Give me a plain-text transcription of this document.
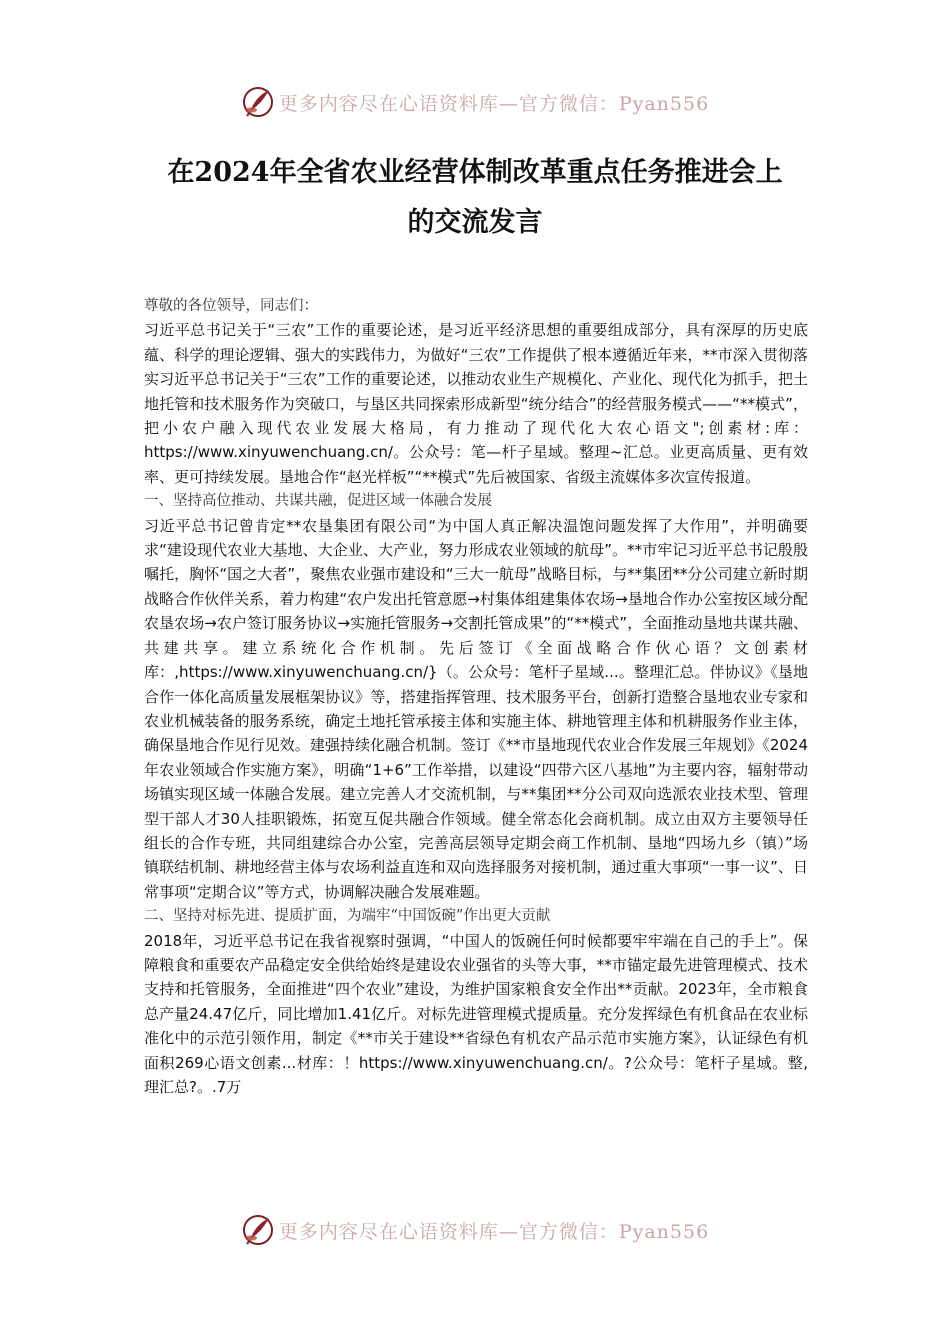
更多内容尽在心语资料库—官方微信：Pyan556
在2024年全省农业经营体制改革重点任务推进会上
的交流发言

尊敬的各位领导，同志们：

习近平总书记关于“三农”工作的重要论述，是习近平经济思想的重要组成部分，具有深厚的历史底蕴、科学的理论逻辑、强大的实践伟力，为做好“三农”工作提供了根本遵循近年来，**市深入贯彻落实习近平总书记关于“三农”工作的重要论述，以推动农业生产规模化、产业化、现代化为抓手，把土地托管和技术服务作为突破口，与垦区共同探索形成新型“统分结合”的经营服务模式——“**模式”，把小农户融入现代农业发展大格局，有力推动了现代化大农心语文";创素材:库：https://www.xinyuwenchuang.cn/。公众号：笔—杆子星域。整理~汇总。业更高质量、更有效率、更可持续发展。垦地合作“赵光样板”“**模式”先后被国家、省级主流媒体多次宣传报道。

一、坚持高位推动、共谋共融，促进区域一体融合发展

习近平总书记曾肯定**农垦集团有限公司“为中国人真正解决温饱问题发挥了大作用”，并明确要求“建设现代农业大基地、大企业、大产业，努力形成农业领域的航母”。**市牢记习近平总书记殷殷嘱托，胸怀“国之大者”，聚焦农业强市建设和“三大一航母”战略目标，与**集团**分公司建立新时期战略合作伙伴关系，着力构建“农户发出托管意愿→村集体组建集体农场→垦地合作办公室按区域分配农垦农场→农户签订服务协议→实施托管服务→交割托管成果”的“**模式”，全面推动垦地共谋共融、共建共享。建立系统化合作机制。先后签订《全面战略合作伙心语？文创素材库：,https://www.xinyuwenchuang.cn/}（。公众号：笔杆子星域...。整理汇总。伴协议》《垦地合作一体化高质量发展框架协议》等，搭建指挥管理、技术服务平台，创新打造整合垦地农业专家和农业机械装备的服务系统，确定土地托管承接主体和实施主体、耕地管理主体和机耕服务作业主体，确保垦地合作见行见效。建强持续化融合机制。签订《**市垦地现代农业合作发展三年规划》《2024年农业领域合作实施方案》，明确“1+6”工作举措，以建设“四带六区八基地”为主要内容，辐射带动场镇实现区域一体融合发展。建立完善人才交流机制，与**集团**分公司双向选派农业技术型、管理型干部人才30人挂职锻炼，拓宽互促共融合作领域。健全常态化会商机制。成立由双方主要领导任组长的合作专班，共同组建综合办公室，完善高层领导定期会商工作机制、垦地“四场九乡（镇）”场镇联结机制、耕地经营主体与农场利益直连和双向选择服务对接机制，通过重大事项“一事一议”、日常事项“定期合议”等方式，协调解决融合发展难题。

二、坚持对标先进、提质扩面，为端牢“中国饭碗”作出更大贡献

2018年，习近平总书记在我省视察时强调，“中国人的饭碗任何时候都要牢牢端在自己的手上”。保障粮食和重要农产品稳定安全供给始终是建设农业强省的头等大事，**市锚定最先进管理模式、技术支持和托管服务，全面推进“四个农业”建设，为维护国家粮食安全作出**贡献。2023年，全市粮食总产量24.47亿斤，同比增加1.41亿斤。对标先进管理模式提质量。充分发挥绿色有机食品在农业标准化中的示范引领作用，制定《**市关于建设**省绿色有机农产品示范市实施方案》，认证绿色有机面积269心语文创素...材库：！https://www.xinyuwenchuang.cn/。?公众号：笔杆子星域。整,理汇总?。.7万

更多内容尽在心语资料库—官方微信：Pyan556
